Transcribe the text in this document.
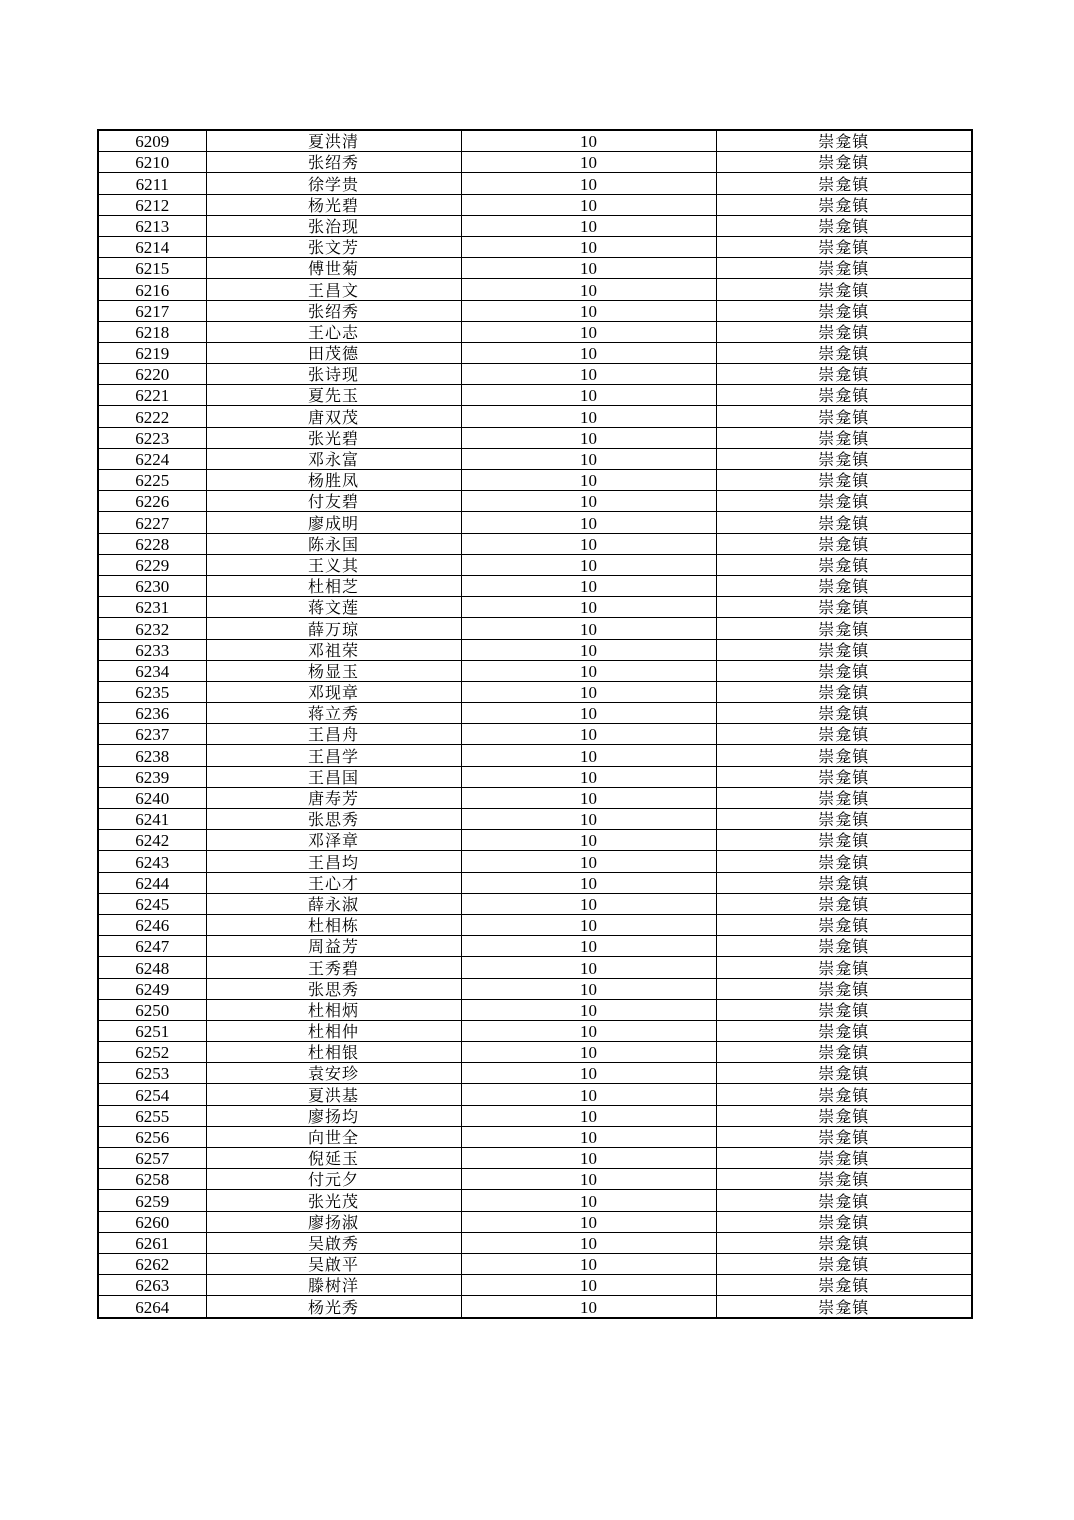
6209	夏洪清	10	崇龛镇
6210	张绍秀	10	崇龛镇
6211	徐学贵	10	崇龛镇
6212	杨光碧	10	崇龛镇
6213	张治现	10	崇龛镇
6214	张文芳	10	崇龛镇
6215	傅世菊	10	崇龛镇
6216	王昌文	10	崇龛镇
6217	张绍秀	10	崇龛镇
6218	王心志	10	崇龛镇
6219	田茂德	10	崇龛镇
6220	张诗现	10	崇龛镇
6221	夏先玉	10	崇龛镇
6222	唐双茂	10	崇龛镇
6223	张光碧	10	崇龛镇
6224	邓永富	10	崇龛镇
6225	杨胜凤	10	崇龛镇
6226	付友碧	10	崇龛镇
6227	廖成明	10	崇龛镇
6228	陈永国	10	崇龛镇
6229	王义其	10	崇龛镇
6230	杜相芝	10	崇龛镇
6231	蒋文莲	10	崇龛镇
6232	薛万琼	10	崇龛镇
6233	邓祖荣	10	崇龛镇
6234	杨显玉	10	崇龛镇
6235	邓现章	10	崇龛镇
6236	蒋立秀	10	崇龛镇
6237	王昌舟	10	崇龛镇
6238	王昌学	10	崇龛镇
6239	王昌国	10	崇龛镇
6240	唐寿芳	10	崇龛镇
6241	张思秀	10	崇龛镇
6242	邓泽章	10	崇龛镇
6243	王昌均	10	崇龛镇
6244	王心才	10	崇龛镇
6245	薛永淑	10	崇龛镇
6246	杜相栋	10	崇龛镇
6247	周益芳	10	崇龛镇
6248	王秀碧	10	崇龛镇
6249	张思秀	10	崇龛镇
6250	杜相炳	10	崇龛镇
6251	杜相仲	10	崇龛镇
6252	杜相银	10	崇龛镇
6253	袁安珍	10	崇龛镇
6254	夏洪基	10	崇龛镇
6255	廖扬均	10	崇龛镇
6256	向世全	10	崇龛镇
6257	倪延玉	10	崇龛镇
6258	付元夕	10	崇龛镇
6259	张光茂	10	崇龛镇
6260	廖扬淑	10	崇龛镇
6261	吴啟秀	10	崇龛镇
6262	吴啟平	10	崇龛镇
6263	滕树洋	10	崇龛镇
6264	杨光秀	10	崇龛镇
